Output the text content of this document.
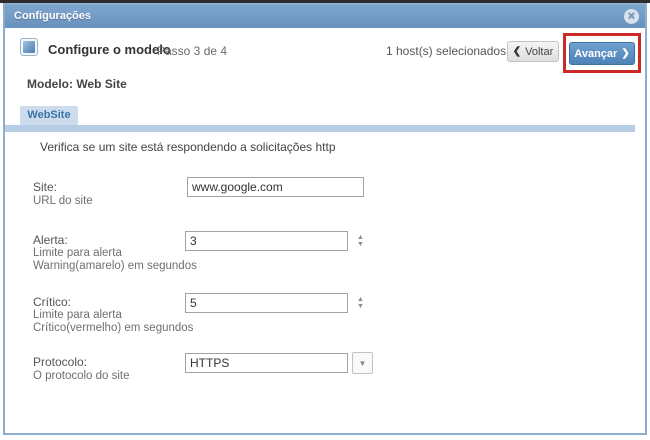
Configurações	✕
Configure o modelo
Passo 3 de 4	1 host(s) selecionados ❮ Voltar Avançar ❯
Modelo: Web Site
WebSite
Verifica se um site está respondendo a solicitações http
Site:
URL do site
www.google.com
Alerta:
Limite para alerta
Warning(amarelo) em segundos
3
▲
▼
Crítico:
Limite para alerta
Crítico(vermelho) em segundos
5
▲
▼
Protocolo:
O protocolo do site
HTTPS
▼
